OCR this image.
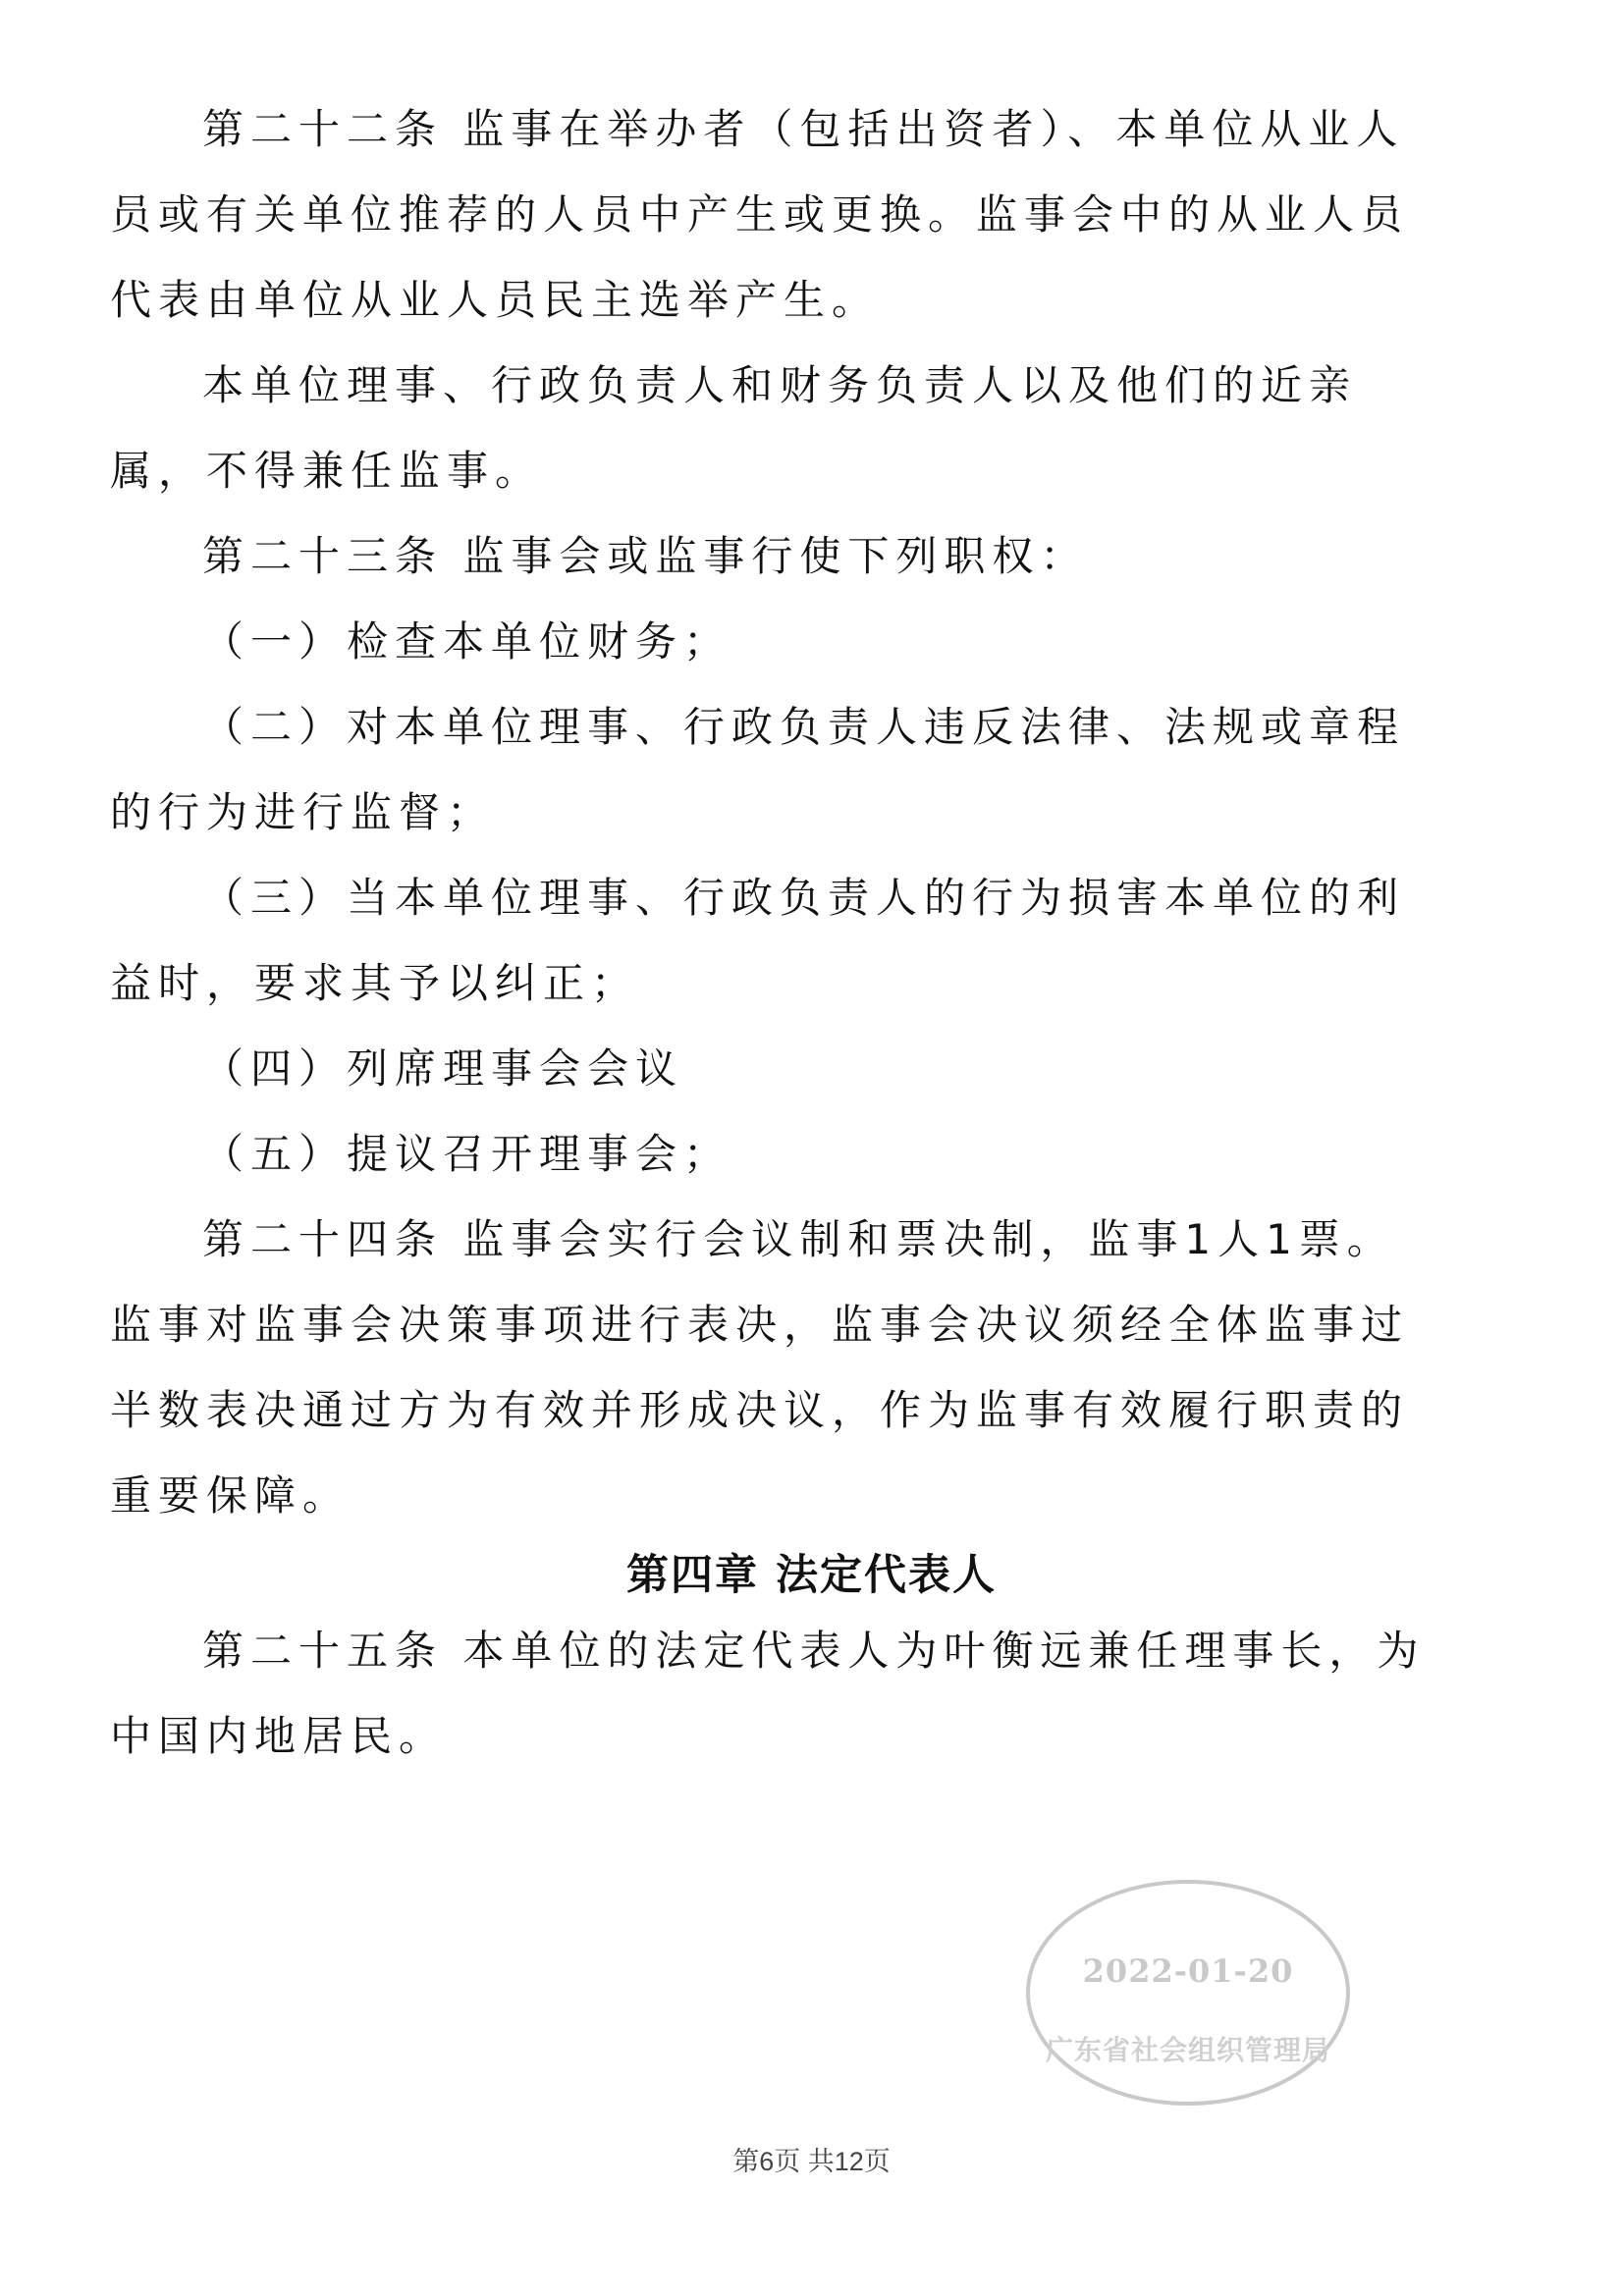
第二十二条 监事在举办者（包括出资者）、本单位从业人员或有关单位推荐的人员中产生或更换。监事会中的从业人员代表由单位从业人员民主选举产生。

本单位理事、行政负责人和财务负责人以及他们的近亲属，不得兼任监事。

第二十三条 监事会或监事行使下列职权：

（一）检查本单位财务；

（二）对本单位理事、行政负责人违反法律、法规或章程的行为进行监督；

（三）当本单位理事、行政负责人的行为损害本单位的利益时，要求其予以纠正；

（四）列席理事会会议

（五）提议召开理事会；

第二十四条 监事会实行会议制和票决制，监事1人1票。监事对监事会决策事项进行表决，监事会决议须经全体监事过半数表决通过方为有效并形成决议，作为监事有效履行职责的重要保障。

第四章 法定代表人

第二十五条 本单位的法定代表人为叶衡远兼任理事长，为中国内地居民。

2022-01-20
广东省社会组织管理局
第6页 共12页
